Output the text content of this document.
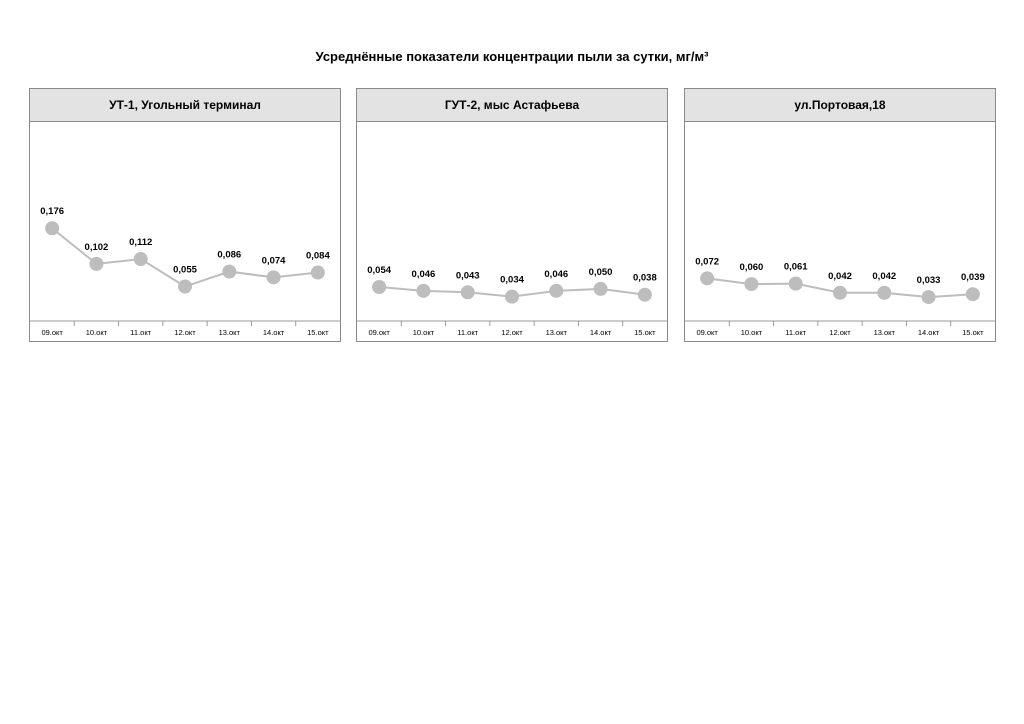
Усреднённые показатели концентрации пыли за сутки, мг/м³
УТ-1, Угольный терминал
0,176
09.окт
0,102
10.окт
0,112
11.окт
0,055
12.окт
0,086
13.окт
0,074
14.окт
0,084
15.окт
ГУТ-2, мыс Астафьева
0,054
09.окт
0,046
10.окт
0,043
11.окт
0,034
12.окт
0,046
13.окт
0,050
14.окт
0,038
15.окт
ул.Портовая,18
0,072
09.окт
0,060
10.окт
0,061
11.окт
0,042
12.окт
0,042
13.окт
0,033
14.окт
0,039
15.окт
